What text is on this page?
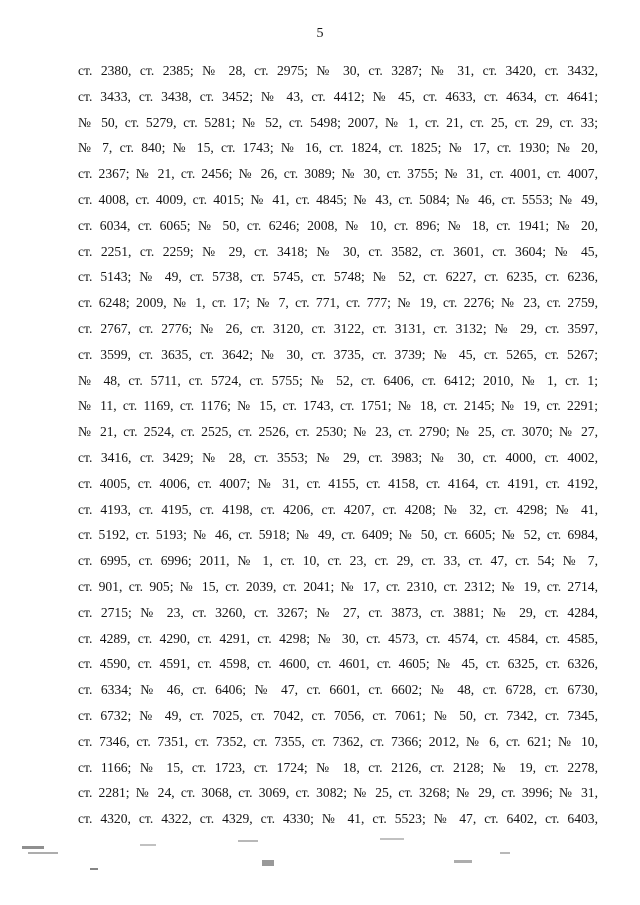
5
ст. 2380, ст. 2385; № 28, ст. 2975; № 30, ст. 3287; № 31, ст. 3420, ст. 3432,
ст. 3433, ст. 3438, ст. 3452; № 43, ст. 4412; № 45, ст. 4633, ст. 4634, ст. 4641;
№ 50, ст. 5279, ст. 5281; № 52, ст. 5498; 2007, № 1, ст. 21, ст. 25, ст. 29, ст. 33;
№ 7, ст. 840; № 15, ст. 1743; № 16, ст. 1824, ст. 1825; № 17, ст. 1930; № 20,
ст. 2367; № 21, ст. 2456; № 26, ст. 3089; № 30, ст. 3755; № 31, ст. 4001, ст. 4007,
ст. 4008, ст. 4009, ст. 4015; № 41, ст. 4845; № 43, ст. 5084; № 46, ст. 5553; № 49,
ст. 6034, ст. 6065; № 50, ст. 6246; 2008, № 10, ст. 896; № 18, ст. 1941; № 20,
ст. 2251, ст. 2259; № 29, ст. 3418; № 30, ст. 3582, ст. 3601, ст. 3604; № 45,
ст. 5143; № 49, ст. 5738, ст. 5745, ст. 5748; № 52, ст. 6227, ст. 6235, ст. 6236,
ст. 6248; 2009, № 1, ст. 17; № 7, ст. 771, ст. 777; № 19, ст. 2276; № 23, ст. 2759,
ст. 2767, ст. 2776; № 26, ст. 3120, ст. 3122, ст. 3131, ст. 3132; № 29, ст. 3597,
ст. 3599, ст. 3635, ст. 3642; № 30, ст. 3735, ст. 3739; № 45, ст. 5265, ст. 5267;
№ 48, ст. 5711, ст. 5724, ст. 5755; № 52, ст. 6406, ст. 6412; 2010, № 1, ст. 1;
№ 11, ст. 1169, ст. 1176; № 15, ст. 1743, ст. 1751; № 18, ст. 2145; № 19, ст. 2291;
№ 21, ст. 2524, ст. 2525, ст. 2526, ст. 2530; № 23, ст. 2790; № 25, ст. 3070; № 27,
ст. 3416, ст. 3429; № 28, ст. 3553; № 29, ст. 3983; № 30, ст. 4000, ст. 4002,
ст. 4005, ст. 4006, ст. 4007; № 31, ст. 4155, ст. 4158, ст. 4164, ст. 4191, ст. 4192,
ст. 4193, ст. 4195, ст. 4198, ст. 4206, ст. 4207, ст. 4208; № 32, ст. 4298; № 41,
ст. 5192, ст. 5193; № 46, ст. 5918; № 49, ст. 6409; № 50, ст. 6605; № 52, ст. 6984,
ст. 6995, ст. 6996; 2011, № 1, ст. 10, ст. 23, ст. 29, ст. 33, ст. 47, ст. 54; № 7,
ст. 901, ст. 905; № 15, ст. 2039, ст. 2041; № 17, ст. 2310, ст. 2312; № 19, ст. 2714,
ст. 2715; № 23, ст. 3260, ст. 3267; № 27, ст. 3873, ст. 3881; № 29, ст. 4284,
ст. 4289, ст. 4290, ст. 4291, ст. 4298; № 30, ст. 4573, ст. 4574, ст. 4584, ст. 4585,
ст. 4590, ст. 4591, ст. 4598, ст. 4600, ст. 4601, ст. 4605; № 45, ст. 6325, ст. 6326,
ст. 6334; № 46, ст. 6406; № 47, ст. 6601, ст. 6602; № 48, ст. 6728, ст. 6730,
ст. 6732; № 49, ст. 7025, ст. 7042, ст. 7056, ст. 7061; № 50, ст. 7342, ст. 7345,
ст. 7346, ст. 7351, ст. 7352, ст. 7355, ст. 7362, ст. 7366; 2012, № 6, ст. 621; № 10,
ст. 1166; № 15, ст. 1723, ст. 1724; № 18, ст. 2126, ст. 2128; № 19, ст. 2278,
ст. 2281; № 24, ст. 3068, ст. 3069, ст. 3082; № 25, ст. 3268; № 29, ст. 3996; № 31,
ст. 4320, ст. 4322, ст. 4329, ст. 4330; № 41, ст. 5523; № 47, ст. 6402, ст. 6403,
